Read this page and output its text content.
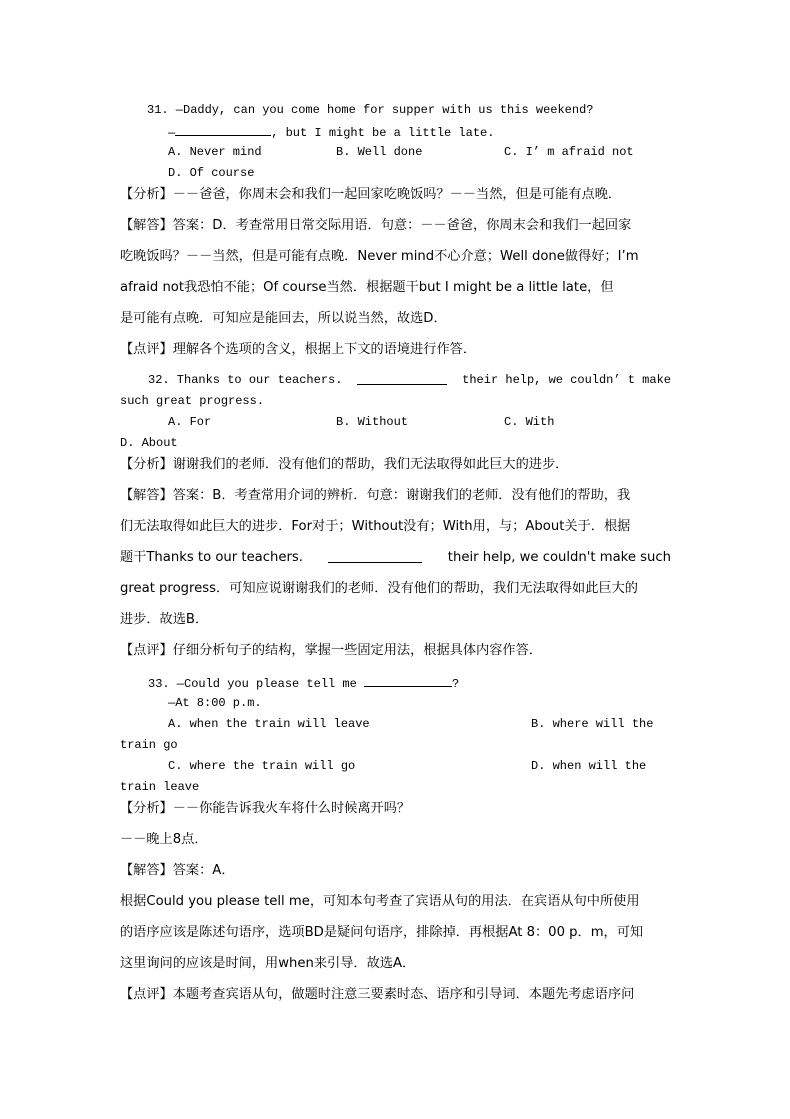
31. —Daddy, can you come home for supper with us this weekend?
—	, but I might be a little late.
A. Never mind	B. Well done	C. I’ m afraid not
D. Of course
【分析】－－爸爸，你周末会和我们一起回家吃晚饭吗？－－当然，但是可能有点晚．
【解答】答案：D．考查常用日常交际用语．句意：－－爸爸，你周末会和我们一起回家
吃晚饭吗？－－当然，但是可能有点晚．Never mind不心介意；Well done做得好；I’m
afraid not我恐怕不能；Of course当然．根据题干but I might be a little late，但
是可能有点晚．可知应是能回去，所以说当然，故选D．
【点评】理解各个选项的含义，根据上下文的语境进行作答．
32. Thanks to our teachers.	their help, we couldn’ t make
such great progress.
A. For	B. Without	C. With
D. About
【分析】谢谢我们的老师．没有他们的帮助，我们无法取得如此巨大的进步．
【解答】答案：B．考查常用介词的辨析．句意：谢谢我们的老师．没有他们的帮助，我
们无法取得如此巨大的进步．For对于；Without没有；With用，与；About关于．根据
题干Thanks to our teachers.	their help, we couldn't make such
great progress．可知应说谢谢我们的老师．没有他们的帮助，我们无法取得如此巨大的
进步．故选B．
【点评】仔细分析句子的结构，掌握一些固定用法，根据具体内容作答．
33. —Could you please tell me	?
—At 8:00 p.m.
A. when the train will leave	B. where will the
train go
C. where the train will go	D. when will the
train leave
【分析】－－你能告诉我火车将什么时候离开吗？
－－晚上8点．
【解答】答案：A．
根据Could you please tell me，可知本句考查了宾语从句的用法．在宾语从句中所使用
的语序应该是陈述句语序，选项BD是疑问句语序，排除掉．再根据At 8：00 p．m，可知
这里询问的应该是时间，用when来引导．故选A．
【点评】本题考查宾语从句，做题时注意三要素时态、语序和引导词．本题先考虑语序问
